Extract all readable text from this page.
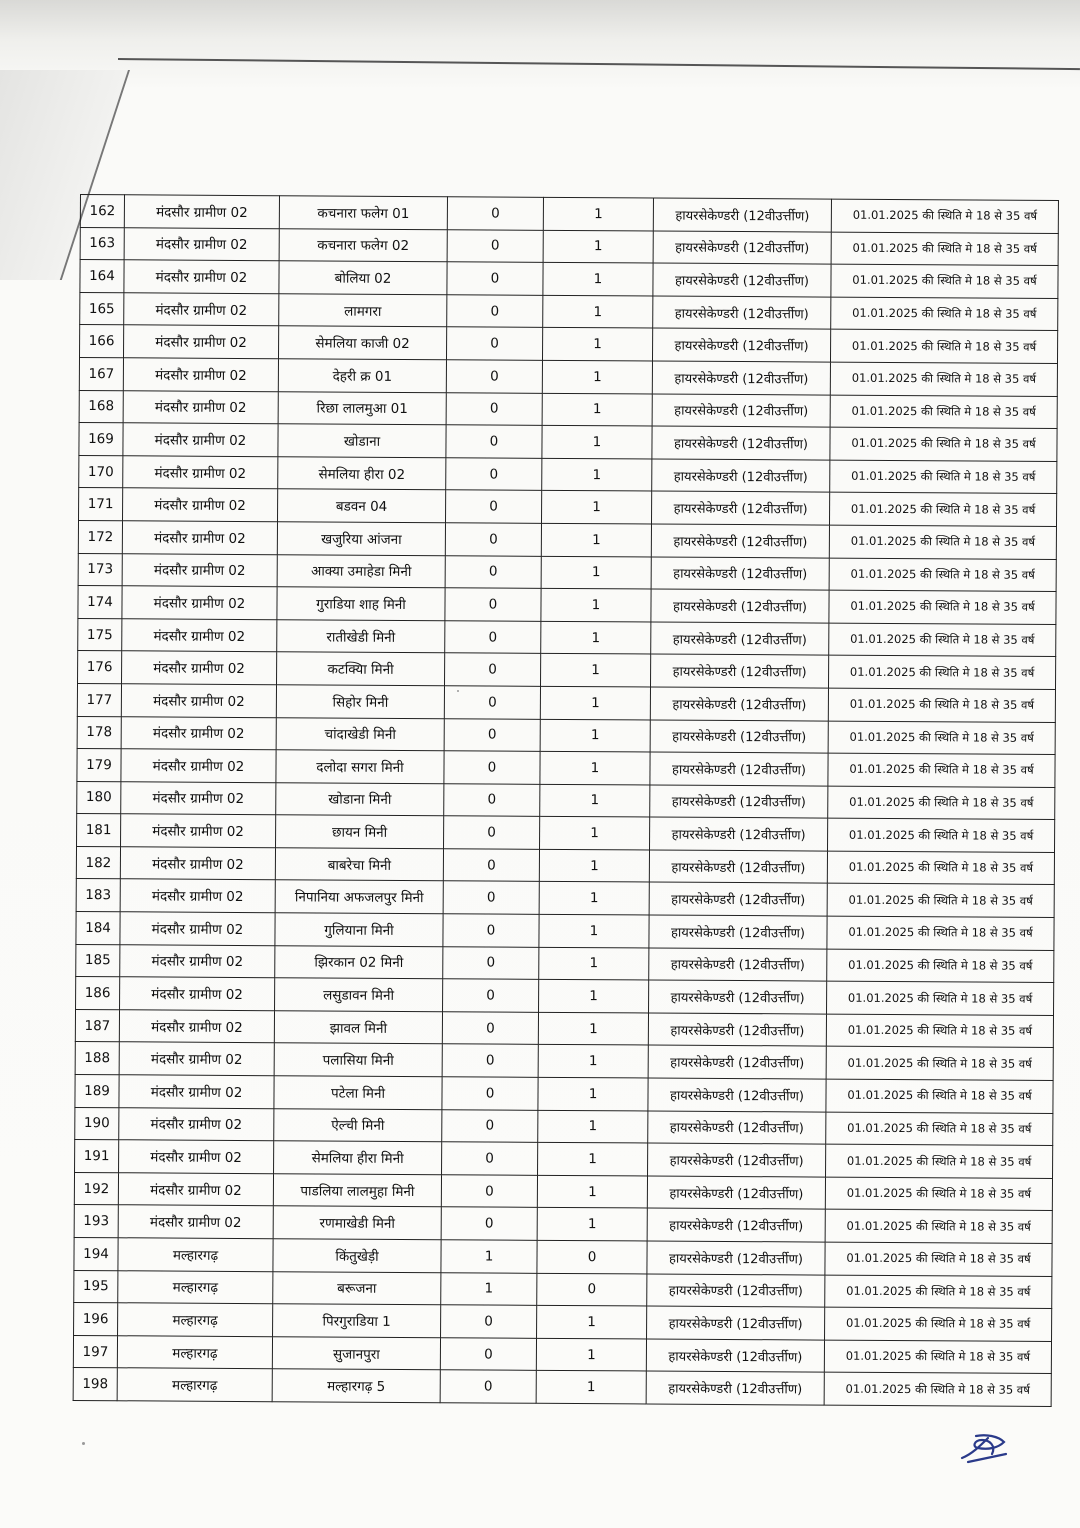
162	मंदसौर ग्रामीण 02	कचनारा फलेग 01	0	1	हायरसेकेण्डरी (12वीउर्त्तीण)	01.01.2025 की स्थिति मे 18 से 35 वर्ष
163	मंदसौर ग्रामीण 02	कचनारा फलेग 02	0	1	हायरसेकेण्डरी (12वीउर्त्तीण)	01.01.2025 की स्थिति मे 18 से 35 वर्ष
164	मंदसौर ग्रामीण 02	बोलिया 02	0	1	हायरसेकेण्डरी (12वीउर्त्तीण)	01.01.2025 की स्थिति मे 18 से 35 वर्ष
165	मंदसौर ग्रामीण 02	लामगरा	0	1	हायरसेकेण्डरी (12वीउर्त्तीण)	01.01.2025 की स्थिति मे 18 से 35 वर्ष
166	मंदसौर ग्रामीण 02	सेमलिया काजी 02	0	1	हायरसेकेण्डरी (12वीउर्त्तीण)	01.01.2025 की स्थिति मे 18 से 35 वर्ष
167	मंदसौर ग्रामीण 02	देहरी क्र 01	0	1	हायरसेकेण्डरी (12वीउर्त्तीण)	01.01.2025 की स्थिति मे 18 से 35 वर्ष
168	मंदसौर ग्रामीण 02	रिछा लालमुआ 01	0	1	हायरसेकेण्डरी (12वीउर्त्तीण)	01.01.2025 की स्थिति मे 18 से 35 वर्ष
169	मंदसौर ग्रामीण 02	खोडाना	0	1	हायरसेकेण्डरी (12वीउर्त्तीण)	01.01.2025 की स्थिति मे 18 से 35 वर्ष
170	मंदसौर ग्रामीण 02	सेमलिया हीरा 02	0	1	हायरसेकेण्डरी (12वीउर्त्तीण)	01.01.2025 की स्थिति मे 18 से 35 वर्ष
171	मंदसौर ग्रामीण 02	बडवन 04	0	1	हायरसेकेण्डरी (12वीउर्त्तीण)	01.01.2025 की स्थिति मे 18 से 35 वर्ष
172	मंदसौर ग्रामीण 02	खजुरिया आंजना	0	1	हायरसेकेण्डरी (12वीउर्त्तीण)	01.01.2025 की स्थिति मे 18 से 35 वर्ष
173	मंदसौर ग्रामीण 02	आक्या उमाहेडा मिनी	0	1	हायरसेकेण्डरी (12वीउर्त्तीण)	01.01.2025 की स्थिति मे 18 से 35 वर्ष
174	मंदसौर ग्रामीण 02	गुराडिया शाह मिनी	0	1	हायरसेकेण्डरी (12वीउर्त्तीण)	01.01.2025 की स्थिति मे 18 से 35 वर्ष
175	मंदसौर ग्रामीण 02	रातीखेडी मिनी	0	1	हायरसेकेण्डरी (12वीउर्त्तीण)	01.01.2025 की स्थिति मे 18 से 35 वर्ष
176	मंदसौर ग्रामीण 02	कटक्यिा मिनी	0	1	हायरसेकेण्डरी (12वीउर्त्तीण)	01.01.2025 की स्थिति मे 18 से 35 वर्ष
177	मंदसौर ग्रामीण 02	सिहोर मिनी	0	1	हायरसेकेण्डरी (12वीउर्त्तीण)	01.01.2025 की स्थिति मे 18 से 35 वर्ष
178	मंदसौर ग्रामीण 02	चांदाखेडी मिनी	0	1	हायरसेकेण्डरी (12वीउर्त्तीण)	01.01.2025 की स्थिति मे 18 से 35 वर्ष
179	मंदसौर ग्रामीण 02	दलोदा सगरा मिनी	0	1	हायरसेकेण्डरी (12वीउर्त्तीण)	01.01.2025 की स्थिति मे 18 से 35 वर्ष
180	मंदसौर ग्रामीण 02	खोडाना मिनी	0	1	हायरसेकेण्डरी (12वीउर्त्तीण)	01.01.2025 की स्थिति मे 18 से 35 वर्ष
181	मंदसौर ग्रामीण 02	छायन मिनी	0	1	हायरसेकेण्डरी (12वीउर्त्तीण)	01.01.2025 की स्थिति मे 18 से 35 वर्ष
182	मंदसौर ग्रामीण 02	बाबरेचा मिनी	0	1	हायरसेकेण्डरी (12वीउर्त्तीण)	01.01.2025 की स्थिति मे 18 से 35 वर्ष
183	मंदसौर ग्रामीण 02	निपानिया अफजलपुर मिनी	0	1	हायरसेकेण्डरी (12वीउर्त्तीण)	01.01.2025 की स्थिति मे 18 से 35 वर्ष
184	मंदसौर ग्रामीण 02	गुलियाना मिनी	0	1	हायरसेकेण्डरी (12वीउर्त्तीण)	01.01.2025 की स्थिति मे 18 से 35 वर्ष
185	मंदसौर ग्रामीण 02	झिरकान 02 मिनी	0	1	हायरसेकेण्डरी (12वीउर्त्तीण)	01.01.2025 की स्थिति मे 18 से 35 वर्ष
186	मंदसौर ग्रामीण 02	लसुडावन मिनी	0	1	हायरसेकेण्डरी (12वीउर्त्तीण)	01.01.2025 की स्थिति मे 18 से 35 वर्ष
187	मंदसौर ग्रामीण 02	झावल मिनी	0	1	हायरसेकेण्डरी (12वीउर्त्तीण)	01.01.2025 की स्थिति मे 18 से 35 वर्ष
188	मंदसौर ग्रामीण 02	पलासिया मिनी	0	1	हायरसेकेण्डरी (12वीउर्त्तीण)	01.01.2025 की स्थिति मे 18 से 35 वर्ष
189	मंदसौर ग्रामीण 02	पटेला मिनी	0	1	हायरसेकेण्डरी (12वीउर्त्तीण)	01.01.2025 की स्थिति मे 18 से 35 वर्ष
190	मंदसौर ग्रामीण 02	ऐल्ची मिनी	0	1	हायरसेकेण्डरी (12वीउर्त्तीण)	01.01.2025 की स्थिति मे 18 से 35 वर्ष
191	मंदसौर ग्रामीण 02	सेमलिया हीरा मिनी	0	1	हायरसेकेण्डरी (12वीउर्त्तीण)	01.01.2025 की स्थिति मे 18 से 35 वर्ष
192	मंदसौर ग्रामीण 02	पाडलिया लालमुहा मिनी	0	1	हायरसेकेण्डरी (12वीउर्त्तीण)	01.01.2025 की स्थिति मे 18 से 35 वर्ष
193	मंदसौर ग्रामीण 02	रणमाखेडी मिनी	0	1	हायरसेकेण्डरी (12वीउर्त्तीण)	01.01.2025 की स्थिति मे 18 से 35 वर्ष
194	मल्हारगढ़	किंतुखेड़ी	1	0	हायरसेकेण्डरी (12वीउर्त्तीण)	01.01.2025 की स्थिति मे 18 से 35 वर्ष
195	मल्हारगढ़	बरूजना	1	0	हायरसेकेण्डरी (12वीउर्त्तीण)	01.01.2025 की स्थिति मे 18 से 35 वर्ष
196	मल्हारगढ़	पिरगुराडिया 1	0	1	हायरसेकेण्डरी (12वीउर्त्तीण)	01.01.2025 की स्थिति मे 18 से 35 वर्ष
197	मल्हारगढ़	सुजानपुरा	0	1	हायरसेकेण्डरी (12वीउर्त्तीण)	01.01.2025 की स्थिति मे 18 से 35 वर्ष
198	मल्हारगढ़	मल्हारगढ़ 5	0	1	हायरसेकेण्डरी (12वीउर्त्तीण)	01.01.2025 की स्थिति मे 18 से 35 वर्ष
